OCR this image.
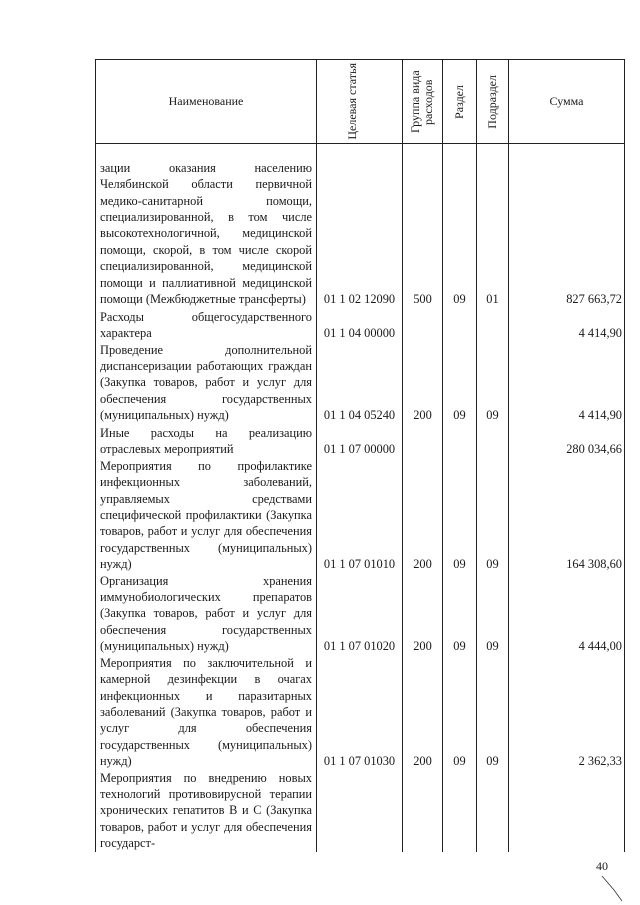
Наименование	Целевая статья	Группа вида расходов	Раздел	Подраздел	Сумма
зации оказания населению Челябинской области первичной медико-санитарной помощи, специализированной, в том числе высокотехнологичной, медицинской помощи, скорой, в том числе скорой специализированной, медицинской помощи и паллиативной медицинской помощи (Межбюджетные трансферты)	01 1 02 12090	500	09	01	827 663,72
Расходы общегосударственного характера	01 1 04 00000				4 414,90
Проведение дополнительной диспансеризации работающих граждан (Закупка товаров, работ и услуг для обеспечения государственных (муниципальных) нужд)	01 1 04 05240	200	09	09	4 414,90
Иные расходы на реализацию отраслевых мероприятий	01 1 07 00000				280 034,66
Мероприятия по профилактике инфекционных заболеваний, управляемых средствами специфической профилактики (Закупка товаров, работ и услуг для обеспечения государственных (муниципальных) нужд)	01 1 07 01010	200	09	09	164 308,60
Организация хранения иммунобиологических препаратов (Закупка товаров, работ и услуг для обеспечения государственных (муниципальных) нужд)	01 1 07 01020	200	09	09	4 444,00
Мероприятия по заключительной и камерной дезинфекции в очагах инфекционных и паразитарных заболеваний (Закупка товаров, работ и услуг для обеспечения государственных (муниципальных) нужд)	01 1 07 01030	200	09	09	2 362,33
Мероприятия по внедрению новых технологий противовирусной терапии хронических гепатитов В и С (Закупка товаров, работ и услуг для обеспечения государст-					
40
